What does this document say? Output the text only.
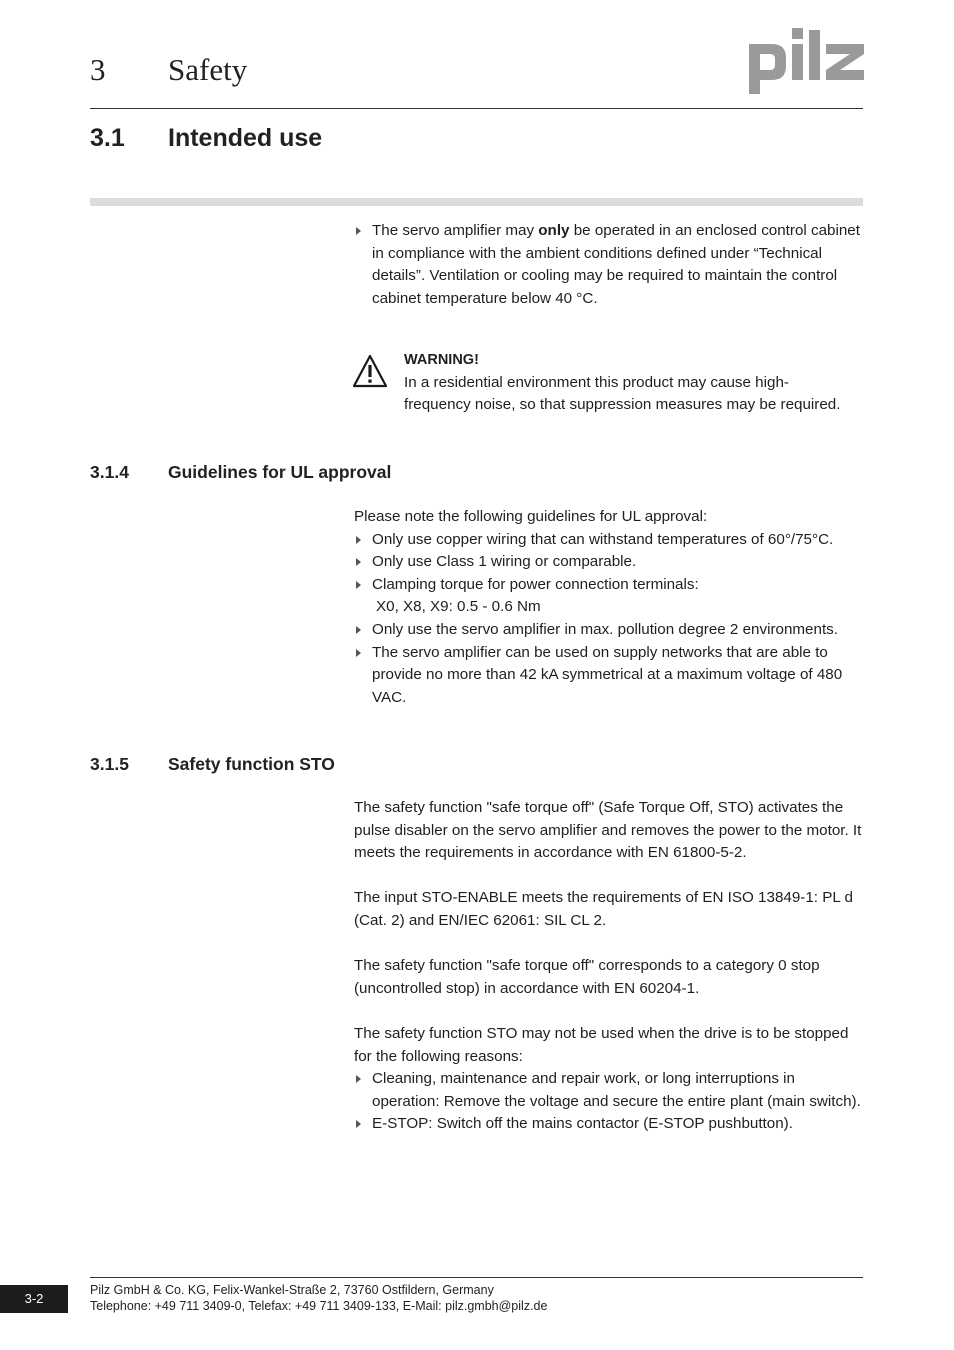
3 Safety
3.1 Intended use
The servo amplifier may only be operated in an enclosed control cabinet in compliance with the ambient conditions defined under “Technical details”. Ventilation or cooling may be required to maintain the control cabinet temperature below 40 °C.
WARNING!
In a residential environment this product may cause high-frequency noise, so that suppression measures may be required.
3.1.4 Guidelines for UL approval
Please note the following guidelines for UL approval:
Only use copper wiring that can withstand temperatures of 60°/75°C.
Only use Class 1 wiring or comparable.
Clamping torque for power connection terminals:
X0, X8, X9: 0.5 - 0.6 Nm
Only use the servo amplifier in max. pollution degree 2 environments.
The servo amplifier can be used on supply networks that are able to provide no more than 42 kA symmetrical at a maximum voltage of 480 VAC.
3.1.5 Safety function STO

The safety function "safe torque off" (Safe Torque Off, STO) activates the pulse disabler on the servo amplifier and removes the power to the motor. It meets the requirements in accordance with EN 61800-5-2.

The input STO-ENABLE meets the requirements of EN ISO 13849-1: PL d (Cat. 2) and EN/IEC 62061: SIL CL 2.

The safety function "safe torque off" corresponds to a category 0 stop (uncontrolled stop) in accordance with EN 60204-1.

The safety function STO may not be used when the drive is to be stopped for the following reasons:

Cleaning, maintenance and repair work, or long interruptions in operation: Remove the voltage and secure the entire plant (main switch).
E-STOP: Switch off the mains contactor (E-STOP pushbutton).
3-2
Pilz GmbH & Co. KG, Felix-Wankel-Straße 2, 73760 Ostfildern, Germany
Telephone: +49 711 3409-0, Telefax: +49 711 3409-133, E-Mail: pilz.gmbh@pilz.de
